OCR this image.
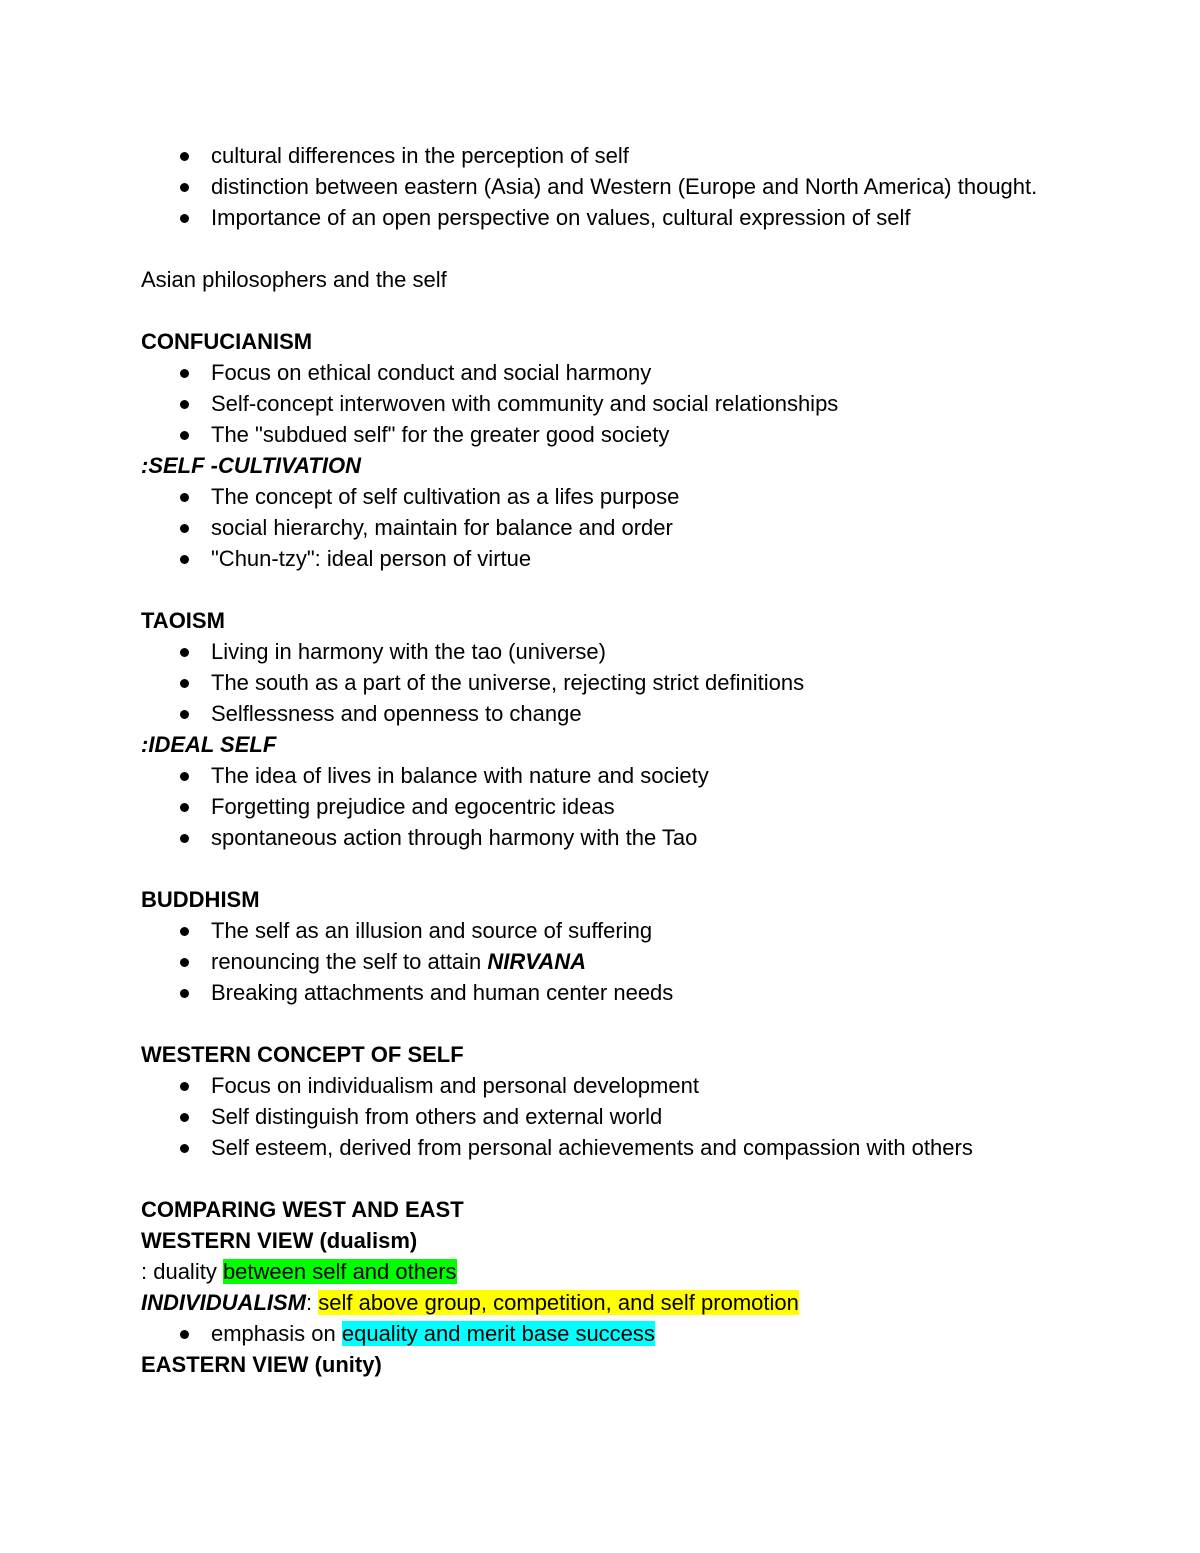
cultural differences in the perception of self
distinction between eastern (Asia) and Western (Europe and North America) thought.
Importance of an open perspective on values, cultural expression of self
Asian philosophers and the self
CONFUCIANISM
Focus on ethical conduct and social harmony
Self-concept interwoven with community and social relationships
The "subdued self" for the greater good society
:SELF -CULTIVATION
The concept of self cultivation as a lifes purpose
social hierarchy, maintain for balance and order
"Chun-tzy": ideal person of virtue
TAOISM
Living in harmony with the tao (universe)
The south as a part of the universe, rejecting strict definitions
Selflessness and openness to change
:IDEAL SELF
The idea of lives in balance with nature and society
Forgetting prejudice and egocentric ideas
spontaneous action through harmony with the Tao
BUDDHISM
The self as an illusion and source of suffering
renouncing the self to attain NIRVANA
Breaking attachments and human center needs
WESTERN CONCEPT OF SELF
Focus on individualism and personal development
Self distinguish from others and external world
Self esteem, derived from personal achievements and compassion with others
COMPARING WEST AND EAST
WESTERN VIEW (dualism)
: duality between self and others
INDIVIDUALISM: self above group, competition, and self promotion
emphasis on equality and merit base success
EASTERN VIEW (unity)
